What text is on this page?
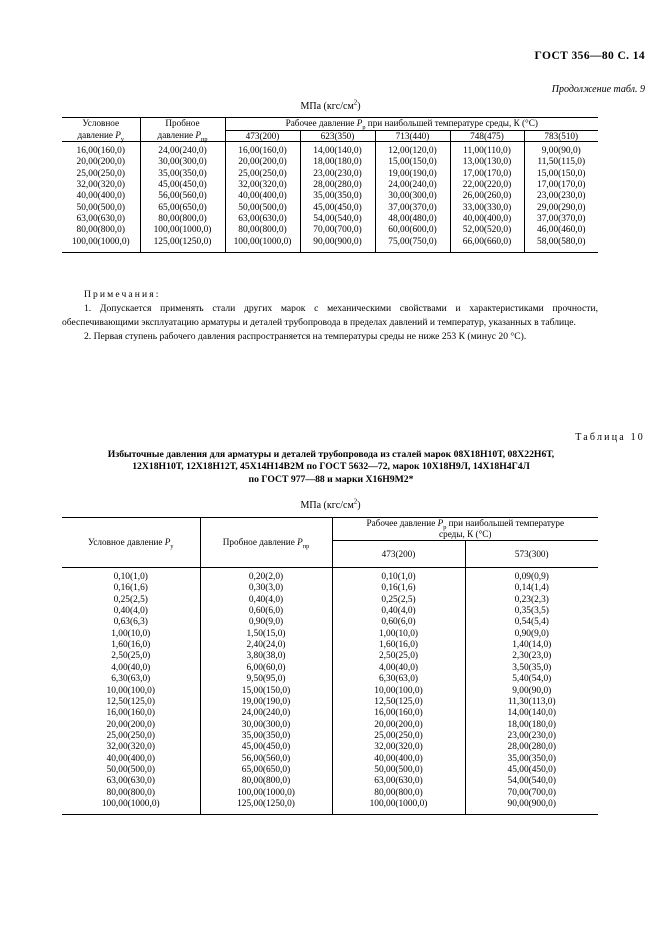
ГОСТ 356—80 С. 14
Продолжение табл. 9
МПа $(кгс/см^2)$
Условное
давление $P_у$

Пробное
давление $P_{пр}$
	Рабочее давление $P_р$ при наибольшей температуре среды, К (°С)
		473(200)	623(350)	713(440)	748(475)	783(510)
16,00(160,0)	24,00(240,0)	16,00(160,0)	14,00(140,0)	12,00(120,0)	11,00(110,0)	9,00(90,0)
20,00(200,0)	30,00(300,0)	20,00(200,0)	18,00(180,0)	15,00(150,0)	13,00(130,0)	11,50(115,0)
25,00(250,0)	35,00(350,0)	25,00(250,0)	23,00(230,0)	19,00(190,0)	17,00(170,0)	15,00(150,0)
32,00(320,0)	45,00(450,0)	32,00(320,0)	28,00(280,0)	24,00(240,0)	22,00(220,0)	17,00(170,0)
40,00(400,0)	56,00(560,0)	40,00(400,0)	35,00(350,0)	30,00(300,0)	26,00(260,0)	23,00(230,0)
50,00(500,0)	65,00(650,0)	50,00(500,0)	45,00(450,0)	37,00(370,0)	33,00(330,0)	29,00(290,0)
63,00(630,0)	80,00(800,0)	63,00(630,0)	54,00(540,0)	48,00(480,0)	40,00(400,0)	37,00(370,0)
80,00(800,0)	100,00(1000,0)	80,00(800,0)	70,00(700,0)	60,00(600,0)	52,00(520,0)	46,00(460,0)
100,00(1000,0)	125,00(1250,0)	100,00(1000,0)	90,00(900,0)	75,00(750,0)	66,00(660,0)	58,00(580,0)
Примечания:

1. Допускается применять стали других марок с механическими свойствами и характеристиками прочности, обеспечивающими эксплуатацию арматуры и деталей трубопровода в пределах давлений и температур, указанных в таблице.

2. Первая ступень рабочего давления распространяется на температуры среды не ниже 253 К (минус 20 °С).

Таблица 10
Избыточные давления для арматуры и деталей трубопровода из сталей марок 08Х18Н10Т, 08Х22Н6Т,
12Х18Н10Т, 12Х18Н12Т, 45Х14Н14В2М по ГОСТ 5632—72, марок 10Х18Н9Л, 14Х18Н4Г4Л
по ГОСТ 977—88 и марки Х16Н9М2*
МПа $(кгс/см^2)$
Условное давление $P_у$	Пробное давление $P_{пр}$	Рабочее давление $P_р$ при наибольшей температуре
среды, К (°С)	

		473(200)	573(300)
0,10(1,0)	0,20(2,0)	0,10(1,0)	0,09(0,9)
0,16(1,6)	0,30(3,0)	0,16(1,6)	0,14(1,4)
0,25(2,5)	0,40(4,0)	0,25(2,5)	0,23(2,3)
0,40(4,0)	0,60(6,0)	0,40(4,0)	0,35(3,5)
0,63(6,3)	0,90(9,0)	0,60(6,0)	0,54(5,4)
1,00(10,0)	1,50(15,0)	1,00(10,0)	0,90(9,0)
1,60(16,0)	2,40(24,0)	1,60(16,0)	1,40(14,0)
2,50(25,0)	3,80(38,0)	2,50(25,0)	2,30(23,0)
4,00(40,0)	6,00(60,0)	4,00(40,0)	3,50(35,0)
6,30(63,0)	9,50(95,0)	6,30(63,0)	5,40(54,0)
10,00(100,0)	15,00(150,0)	10,00(100,0)	9,00(90,0)
12,50(125,0)	19,00(190,0)	12,50(125,0)	11,30(113,0)
16,00(160,0)	24,00(240,0)	16,00(160,0)	14,00(140,0)
20,00(200,0)	30,00(300,0)	20,00(200,0)	18,00(180,0)
25,00(250,0)	35,00(350,0)	25,00(250,0)	23,00(230,0)
32,00(320,0)	45,00(450,0)	32,00(320,0)	28,00(280,0)
40,00(400,0)	56,00(560,0)	40,00(400,0)	35,00(350,0)
50,00(500,0)	65,00(650,0)	50,00(500,0)	45,00(450,0)
63,00(630,0)	80,00(800,0)	63,00(630,0)	54,00(540,0)
80,00(800,0)	100,00(1000,0)	80,00(800,0)	70,00(700,0)
100,00(1000,0)	125,00(1250,0)	100,00(1000,0)	90,00(900,0)
